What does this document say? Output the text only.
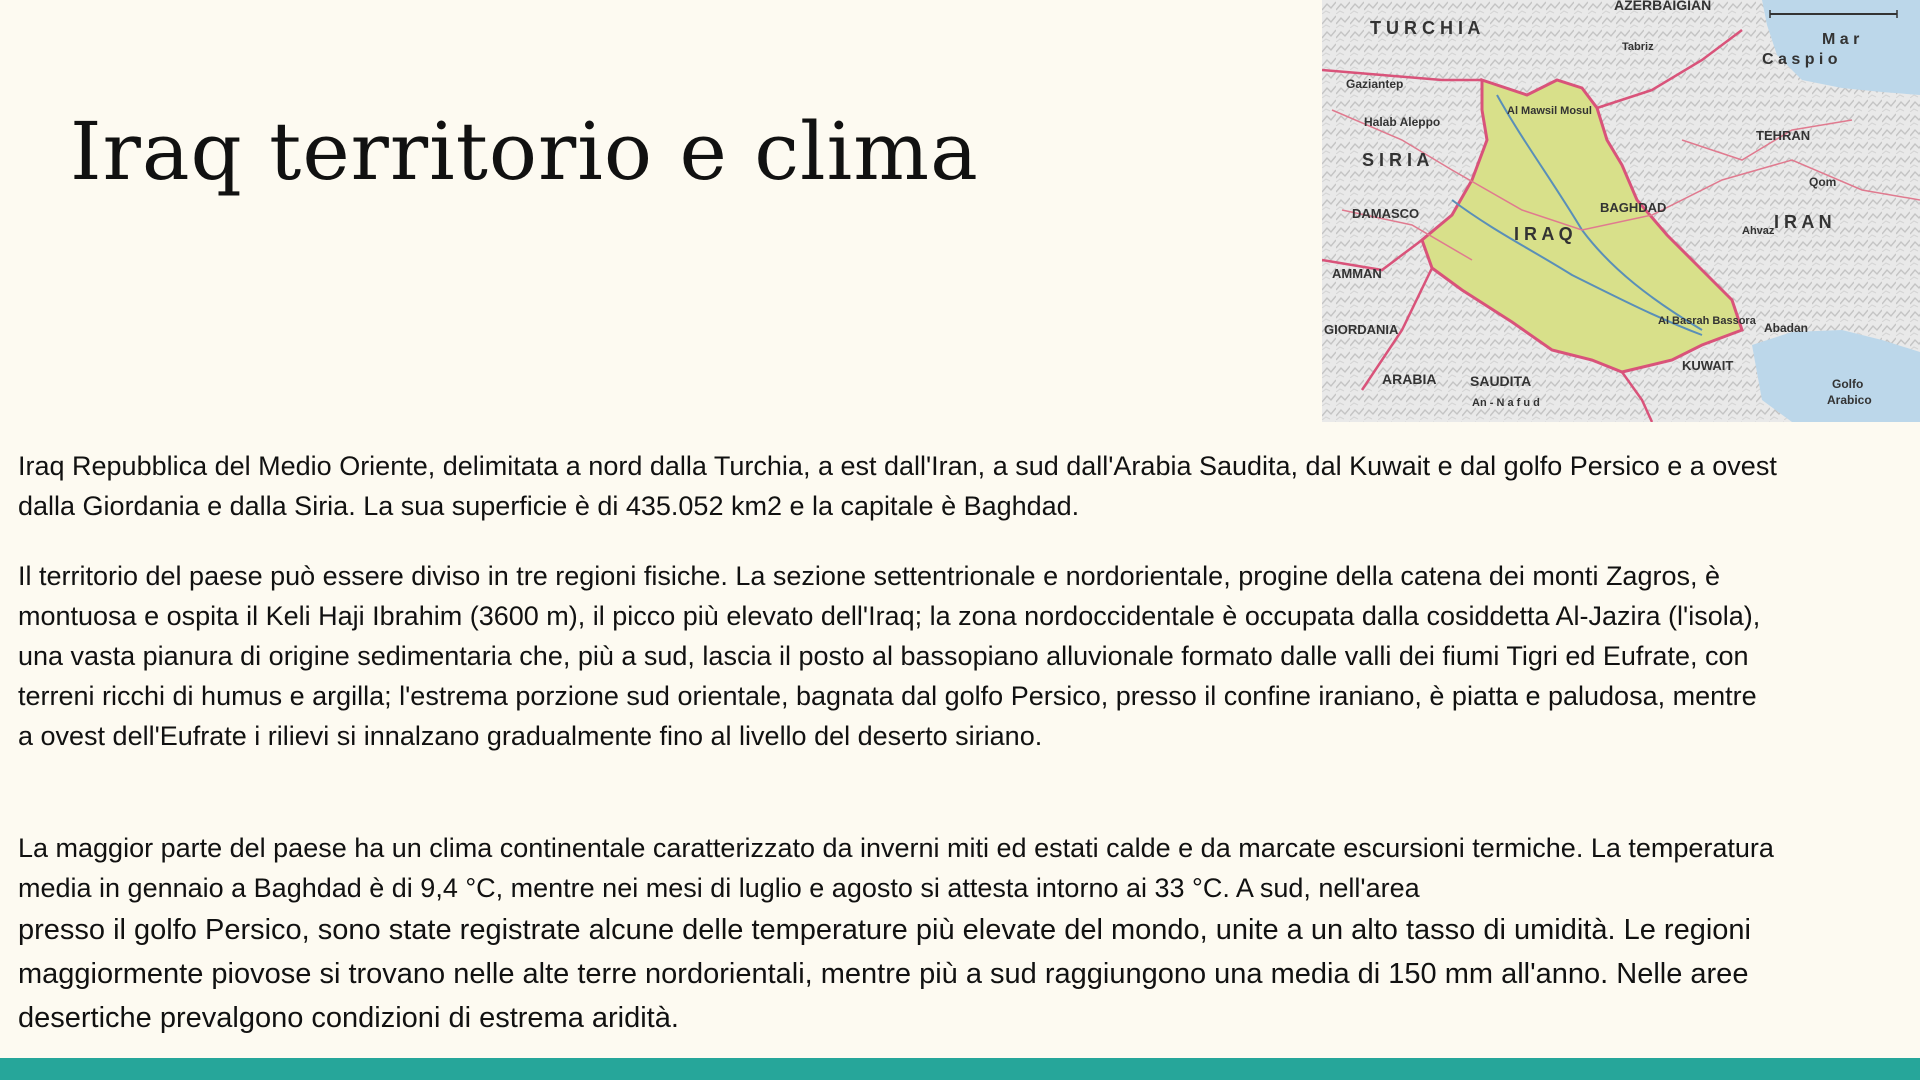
Iraq territorio e clima
T U R C H I A
AZERBAIGIAN
M a r
C a s p i o
Tabriz
Gaziantep
Halab Aleppo
Al Mawsil Mosul
S I R I A
TEHRAN
Qom
BAGHDAD
DAMASCO
I R A Q
I R A N
AMMAN
GIORDANIA
Al Basrah Bassora
Ahvaz
Abadan
KUWAIT
ARABIA SAUDITA
An - N a f u d
Golfo
Arabico

Iraq Repubblica del Medio Oriente, delimitata a nord dalla Turchia, a est dall'Iran, a sud dall'Arabia Saudita, dal Kuwait e dal golfo Persico e a ovest dalla Giordania e dalla Siria. La sua superficie è di 435.052 km2 e la capitale è Baghdad.

Il territorio del paese può essere diviso in tre regioni fisiche. La sezione settentrionale e nordorientale, progine della catena dei monti Zagros, è montuosa e ospita il Keli Haji Ibrahim (3600 m), il picco più elevato dell'Iraq; la zona nordoccidentale è occupata dalla cosiddetta Al-Jazira (l'isola), una vasta pianura di origine sedimentaria che, più a sud, lascia il posto al bassopiano alluvionale formato dalle valli dei fiumi Tigri ed Eufrate, con terreni ricchi di humus e argilla; l'estrema porzione sud orientale, bagnata dal golfo Persico, presso il confine iraniano, è piatta e paludosa, mentre a ovest dell'Eufrate i rilievi si innalzano gradualmente fino al livello del deserto siriano.

La maggior parte del paese ha un clima continentale caratterizzato da inverni miti ed estati calde e da marcate escursioni termiche. La temperatura media in gennaio a Baghdad è di 9,4 °C, mentre nei mesi di luglio e agosto si attesta intorno ai 33 °C. A sud, nell'area

presso il golfo Persico, sono state registrate alcune delle temperature più elevate del mondo, unite a un alto tasso di umidità. Le regioni maggiormente piovose si trovano nelle alte terre nordorientali, mentre più a sud raggiungono una media di 150 mm all'anno. Nelle aree desertiche prevalgono condizioni di estrema aridità.
